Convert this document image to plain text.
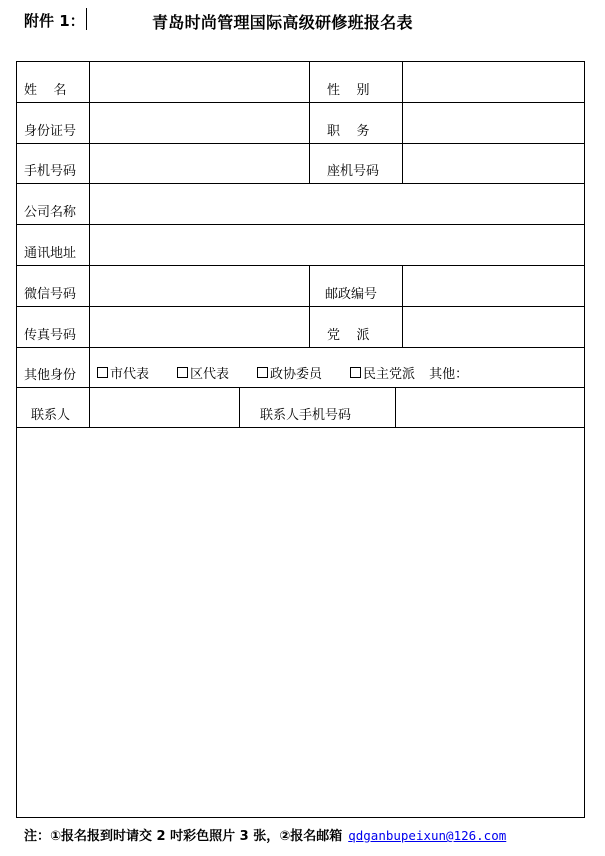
附件 1：	青岛时尚管理国际高级研修班报名表
姓    名	性    别
身份证号	职    务
手机号码	座机号码
公司名称
通讯地址
微信号码	邮政编号
传真号码	党    派
其他身份	市代表	区代表	政协委员	民主党派 其他：
联系人	联系人手机号码
注：①报名报到时请交 2 吋彩色照片 3 张，②报名邮箱 qdganbupeixun@126.com
